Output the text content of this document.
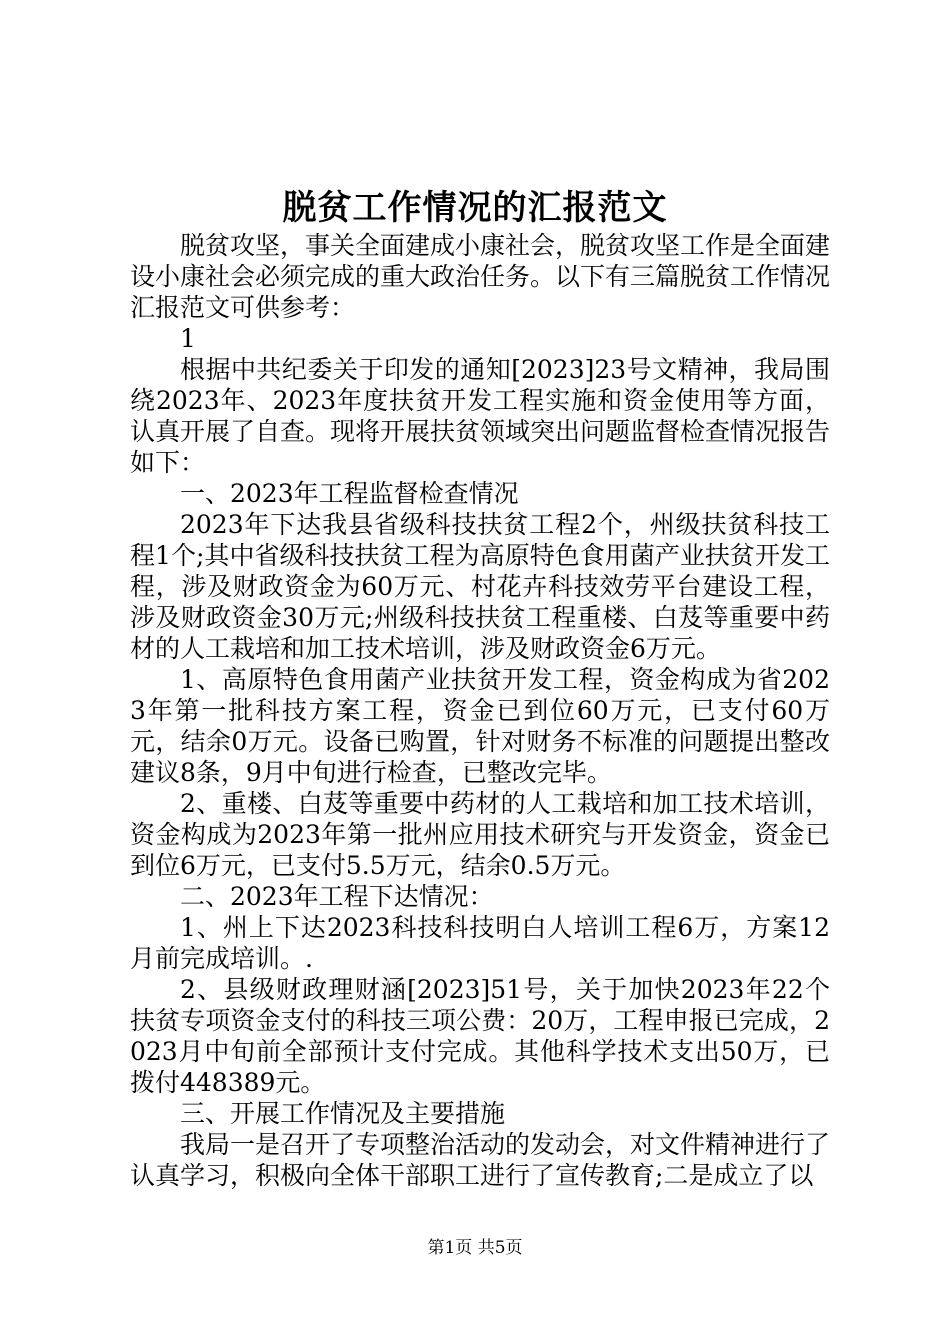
脱贫工作情况的汇报范文

脱贫攻坚，事关全面建成小康社会，脱贫攻坚工作是全面建设小康社会必须完成的重大政治任务。以下有三篇脱贫工作情况汇报范文可供参考：

1

根据中共纪委关于印发的通知[2023]23号文精神，我局围绕2023年、2023年度扶贫开发工程实施和资金使用等方面，认真开展了自查。现将开展扶贫领域突出问题监督检查情况报告如下：

一、2023年工程监督检查情况

2023年下达我县省级科技扶贫工程2个，州级扶贫科技工程1个;其中省级科技扶贫工程为高原特色食用菌产业扶贫开发工程，涉及财政资金为60万元、村花卉科技效劳平台建设工程，涉及财政资金30万元;州级科技扶贫工程重楼、白芨等重要中药材的人工栽培和加工技术培训，涉及财政资金6万元。

1、高原特色食用菌产业扶贫开发工程，资金构成为省2023年第一批科技方案工程，资金已到位60万元，已支付60万元，结余0万元。设备已购置，针对财务不标准的问题提出整改建议8条，9月中旬进行检查，已整改完毕。

2、重楼、白芨等重要中药材的人工栽培和加工技术培训，资金构成为2023年第一批州应用技术研究与开发资金，资金已到位6万元，已支付5.5万元，结余0.5万元。

二、2023年工程下达情况：

1、州上下达2023科技科技明白人培训工程6万，方案12月前完成培训。.

2、县级财政理财涵[2023]51号，关于加快2023年22个扶贫专项资金支付的科技三项公费：20万，工程申报已完成，2023月中旬前全部预计支付完成。其他科学技术支出50万，已拨付448389元。

三、开展工作情况及主要措施

我局一是召开了专项整治活动的发动会，对文件精神进行了认真学习，积极向全体干部职工进行了宣传教育;二是成立了以

第1页 共5页
